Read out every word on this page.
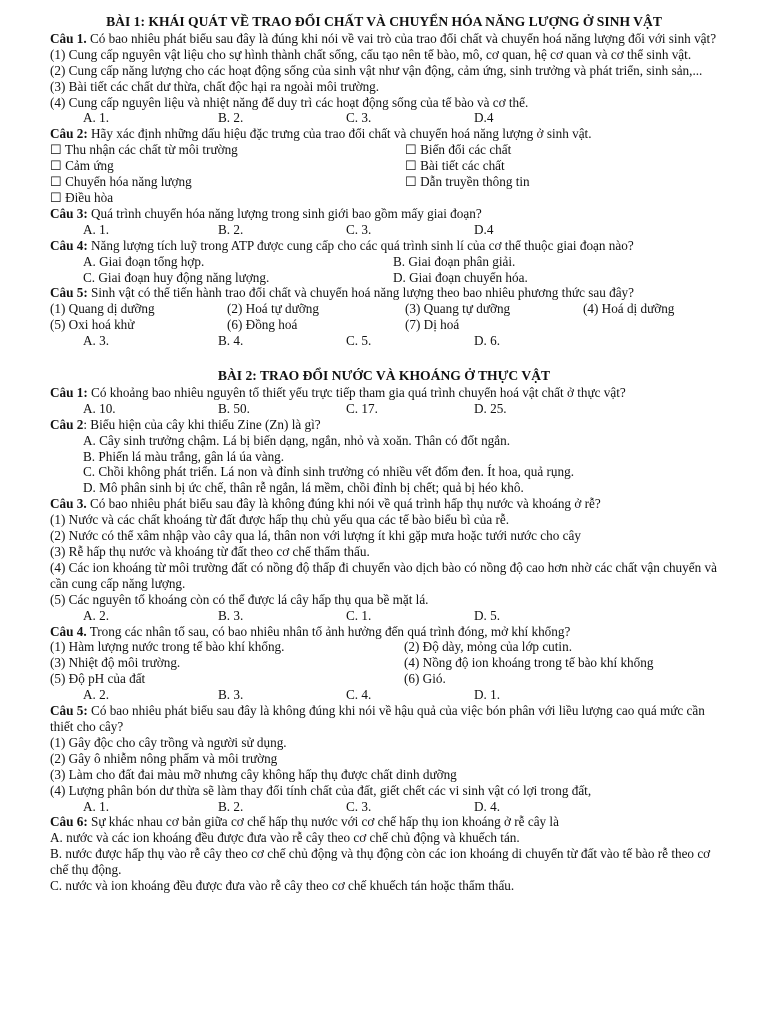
BÀI 1: KHÁI QUÁT VỀ TRAO ĐỔI CHẤT VÀ CHUYỂN HÓA NĂNG LƯỢNG Ở SINH VẬT
Câu 1. Có bao nhiêu phát biểu sau đây là đúng khi nói về vai trò của trao đổi chất và chuyển hoá năng lượng đối với sinh vật?
(1) Cung cấp nguyên vật liệu cho sự hình thành chất sống, cấu tạo nên tế bào, mô, cơ quan, hệ cơ quan và cơ thể sinh vật.
(2) Cung cấp năng lượng cho các hoạt động sống của sinh vật như vận động, cảm ứng, sinh trưởng và phát triển, sinh sản,...
(3) Bài tiết các chất dư thừa, chất độc hại ra ngoài môi trường.
(4) Cung cấp nguyên liệu và nhiệt năng để duy trì các hoạt động sống của tế bào và cơ thể.
A. 1.	B. 2.	C. 3.	D.4
Câu 2: Hãy xác định những dấu hiệu đặc trưng của trao đổi chất và chuyển hoá năng lượng ở sinh vật.
☐ Thu nhận các chất từ môi trường	☐ Biến đổi các chất
☐ Cảm ứng	☐ Bài tiết các chất
☐ Chuyển hóa năng lượng	☐ Dẫn truyền thông tin
☐ Điều hòa
Câu 3: Quá trình chuyển hóa năng lượng trong sinh giới bao gồm mấy giai đoạn?
A. 1.	B. 2.	C. 3.	D.4
Câu 4: Năng lượng tích luỹ trong ATP được cung cấp cho các quá trình sinh lí của cơ thể thuộc giai đoạn nào?
A. Giai đoạn tổng hợp.	B. Giai đoạn phân giải.
C. Giai đoạn huy động năng lượng.	D. Giai đoạn chuyển hóa.
Câu 5: Sinh vật có thể tiến hành trao đổi chất và chuyển hoá năng lượng theo bao nhiêu phương thức sau đây?
(1) Quang dị dưỡng	(2) Hoá tự dưỡng	(3) Quang tự dưỡng	(4) Hoá dị dưỡng
(5) Oxi hoá khử	(6) Đồng hoá	(7) Dị hoá
A. 3.	B. 4.	C. 5.	D. 6.
BÀI 2: TRAO ĐỔI NƯỚC VÀ KHOÁNG Ở THỰC VẬT
Câu 1: Có khoảng bao nhiêu nguyên tố thiết yếu trực tiếp tham gia quá trình chuyển hoá vật chất ở thực vật?
A. 10.	B. 50.	C. 17.	D. 25.
Câu 2: Biểu hiện của cây khi thiếu Zine (Zn) là gì?
A. Cây sinh trưởng chậm. Lá bị biến dạng, ngắn, nhỏ và xoăn. Thân có đốt ngắn.
B. Phiến lá màu trắng, gân lá úa vàng.
C. Chồi không phát triển. Lá non và đỉnh sinh trưởng có nhiều vết đốm đen. Ít hoa, quả rụng.
D. Mô phân sinh bị ức chế, thân rễ ngắn, lá mềm, chồi đỉnh bị chết; quả bị héo khô.
Câu 3. Có bao nhiêu phát biểu sau đây là không đúng khi nói về quá trình hấp thụ nước và khoáng ở rễ?
(1) Nước và các chất khoáng từ đất được hấp thụ chủ yếu qua các tế bào biểu bì của rễ.
(2) Nước có thể xâm nhập vào cây qua lá, thân non với lượng ít khi gặp mưa hoặc tưới nước cho cây
(3) Rễ hấp thụ nước và khoáng từ đất theo cơ chế thẩm thấu.
(4) Các ion khoáng từ môi trường đất có nồng độ thấp đi chuyển vào dịch bào có nồng độ cao hơn nhờ các chất vận chuyển và cần cung cấp năng lượng.
(5) Các nguyên tố khoáng còn có thể được lá cây hấp thụ qua bề mặt lá.
A. 2.	B. 3.	C. 1.	D. 5.
Câu 4. Trong các nhân tố sau, có bao nhiêu nhân tố ảnh hưởng đến quá trình đóng, mở khí khổng?
(1) Hàm lượng nước trong tế bào khí khổng.	(2) Độ dày, mỏng của lớp cutin.
(3) Nhiệt độ môi trường.	(4) Nồng độ ion khoáng trong tế bào khí khổng
(5) Độ pH của đất	(6) Gió.
A. 2.	B. 3.	C. 4.	D. 1.
Câu 5: Có bao nhiêu phát biểu sau đây là không đúng khi nói về hậu quả của việc bón phân với liều lượng cao quá mức cần thiết cho cây?
(1) Gây độc cho cây trồng và người sử dụng.
(2) Gây ô nhiễm nông phẩm và môi trường
(3) Làm cho đất đai màu mỡ nhưng cây không hấp thụ được chất dinh dưỡng
(4) Lượng phân bón dư thừa sẽ làm thay đổi tính chất của đất, giết chết các vi sinh vật có lợi trong đất,
A. 1.	B. 2.	C. 3.	D. 4.
Câu 6: Sự khác nhau cơ bản giữa cơ chế hấp thụ nước với cơ chế hấp thụ ion khoáng ở rễ cây là
A. nước và các ion khoáng đều được đưa vào rễ cây theo cơ chế chủ động và khuếch tán.
B. nước được hấp thụ vào rễ cây theo cơ chế chủ động và thụ động còn các ion khoáng di chuyển từ đất vào tế bào rễ theo cơ chế thụ động.
C. nước và ion khoáng đều được đưa vào rễ cây theo cơ chế khuếch tán hoặc thẩm thấu.
